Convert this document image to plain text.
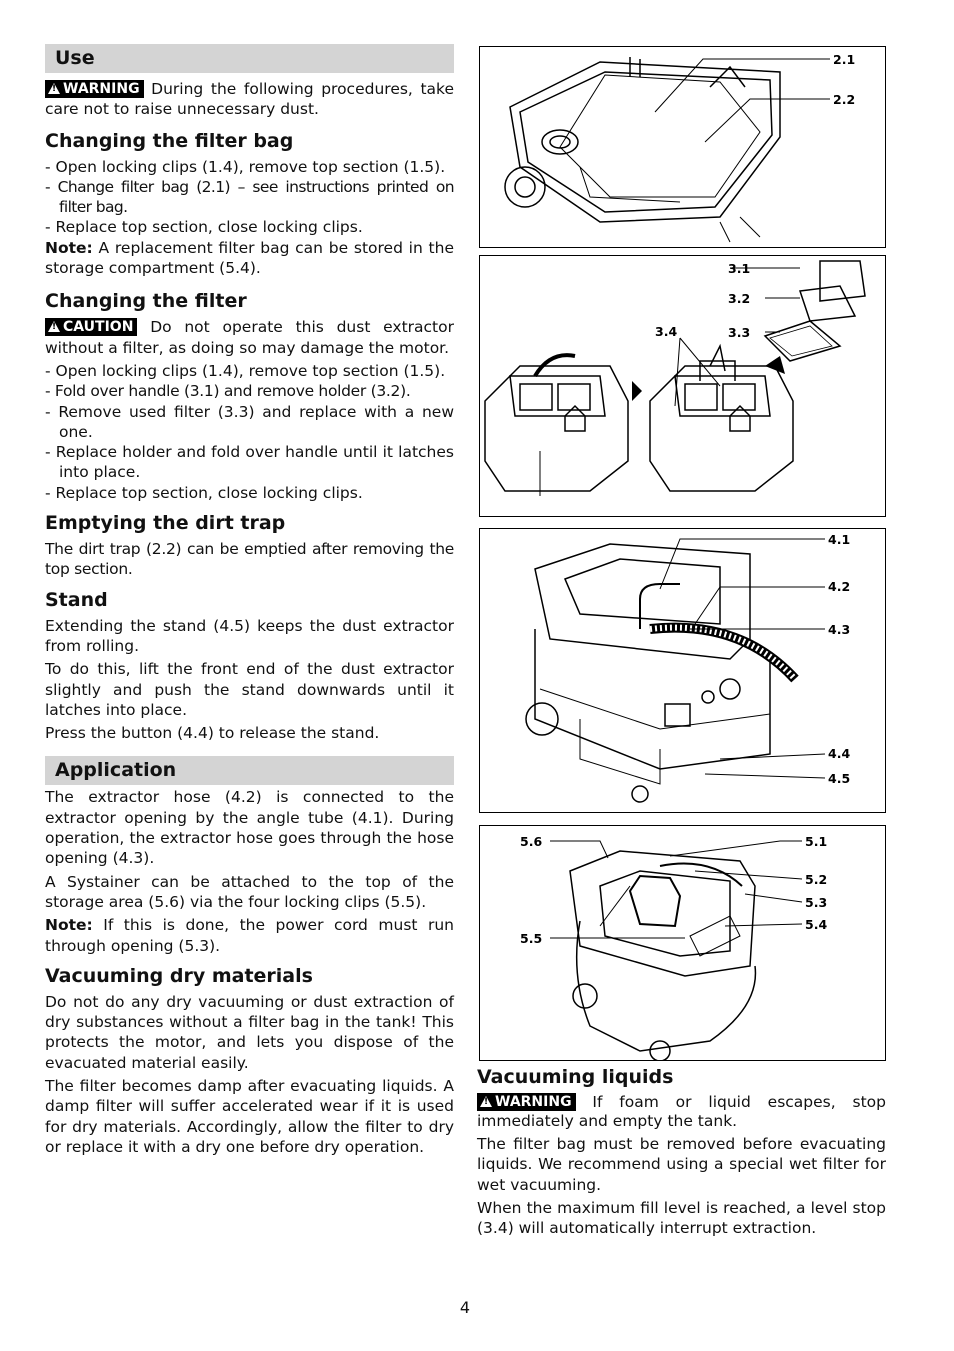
Use

!WARNING During the following procedures, take care not to raise unnecessary dust.

Changing the filter bag
- Open locking clips (1.4), remove top section (1.5).
- Change filter bag (2.1) – see instructions printed on filter bag.
- Replace top section, close locking clips.

Note: A replacement filter bag can be stored in the storage compartment (5.4).

Changing the filter

!CAUTION Do not operate this dust extractor without a filter, as doing so may damage the motor.

- Open locking clips (1.4), remove top section (1.5).
- Fold over handle (3.1) and remove holder (3.2).
- Remove used filter (3.3) and replace with a new one.
- Replace holder and fold over handle until it latches into place.
- Replace top section, close locking clips.
Emptying the dirt trap

The dirt trap (2.2) can be emptied after removing the top section.

Stand

Extending the stand (4.5) keeps the dust extractor from rolling.

To do this, lift the front end of the dust extractor slightly and push the stand downwards until it latches into place.

Press the button (4.4) to release the stand.

Application

The extractor hose (4.2) is connected to the extractor opening by the angle tube (4.1). During operation, the extractor hose goes through the hose opening (4.3).

A Systainer can be attached to the top of the storage area (5.6) via the four locking clips (5.5).

Note: If this is done, the power cord must run through opening (5.3).

Vacuuming dry materials

Do not do any dry vacuuming or dust extraction of dry substances without a filter bag in the tank! This protects the motor, and lets you dispose of the evacuated material easily.

The filter becomes damp after evacuating liquids. A damp filter will suffer accelerated wear if it is used for dry materials. Accordingly, allow the filter to dry or replace it with a dry one before dry operation.

2.1
2.2
3.1
3.2
3.3
3.4
4.1
4.2
4.3
4.4
4.5
5.6
5.5
5.1
5.2
5.3
5.4
Vacuuming liquids

!WARNING If foam or liquid escapes, stop immediately and empty the tank.

The filter bag must be removed before evacuating liquids. We recommend using a special wet filter for wet vacuuming.

When the maximum fill level is reached, a level stop (3.4) will automatically interrupt extraction.

4
